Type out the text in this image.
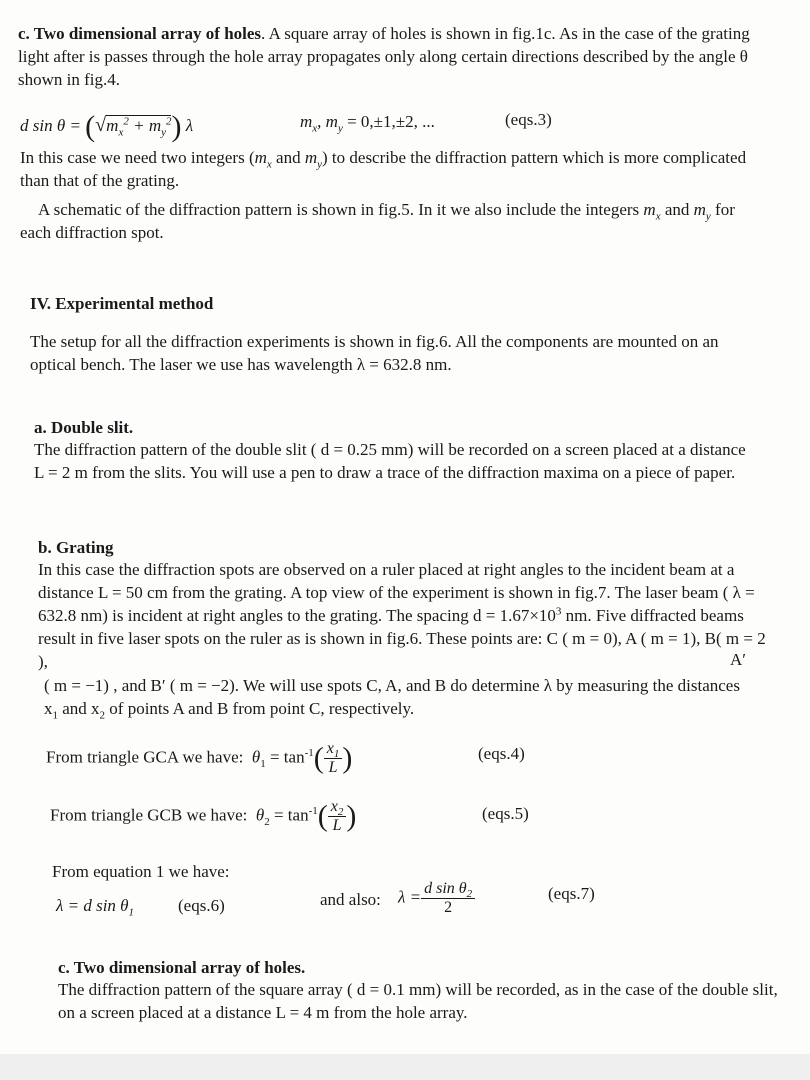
c. Two dimensional array of holes. A square array of holes is shown in fig.1c. As in the case of the grating light after is passes through the hole array propagates only along certain directions described by the angle θ shown in fig.4.
d $\sin \theta = (√m_x^2 + m_y^2)$ λ	$m_x$, $m_y = 0,\pm 1,\pm 2$, ...	(eqs.3)
In this case we need two integers ($m_x$ and $m_y$) to describe the diffraction pattern which is more complicated than that of the grating.
A schematic of the diffraction pattern is shown in fig.5. In it we also include the integers $m_x$ and $m_y$ for each diffraction spot.
IV. Experimental method
The setup for all the diffraction experiments is shown in fig.6. All the components are mounted on an optical bench. The laser we use has wavelength λ = 632.8 nm.
a. Double slit.
The diffraction pattern of the double slit ( d = 0.25 mm) will be recorded on a screen placed at a distance L = 2 m from the slits. You will use a pen to draw a trace of the diffraction maxima on a piece of paper.
b. Grating
In this case the diffraction spots are observed on a ruler placed at right angles to the incident beam at a distance L = 50 cm from the grating. A top view of the experiment is shown in fig.7. The laser beam ( λ = 632.8 nm) is incident at right angles to the grating. The spacing $d = 1.67\times 10^3$ nm. Five diffracted beams result in five laser spots on the ruler as is shown in fig.6. These points are: C ( m = 0), A ( m = 1), B( m = 2 ),	A′
( m = −1) , and B′ ( m = −2). We will use spots C, A, and B do determine λ by measuring the distances $x_1$ and $x_2$ of points A and B from point C, respectively.
From triangle GCA we have: $\theta_1 = \tan^{-1}( \frac{x_1}{L}$ )	(eqs.4)
From triangle GCB we have: $\theta_2 = \tan^{-1}( \frac{x_2}{L}$ )	(eqs.5)
From equation 1 we have:
λ = d $\sin \theta_1$	(eqs.6)	and also: $\lambda = \frac{d \sin \theta_2}{2}$	(eqs.7)
c. Two dimensional array of holes.
The diffraction pattern of the square array ( d = 0.1 mm) will be recorded, as in the case of the double slit, on a screen placed at a distance L = 4 m from the hole array.
